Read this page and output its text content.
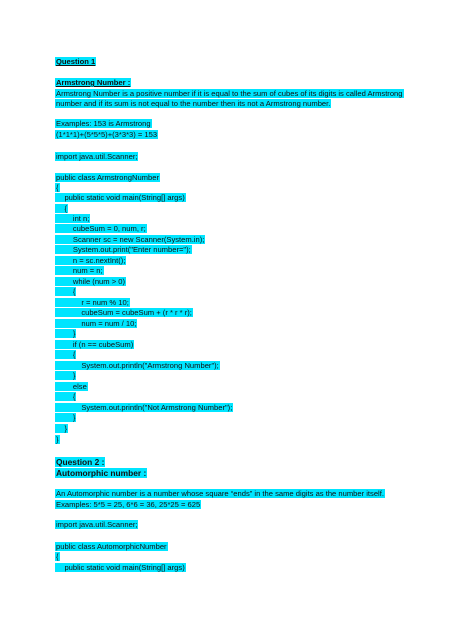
Question 1
Armstrong Number :
Armstrong Number is a positive number if it is equal to the sum of cubes of its digits is called Armstrong
number and if its sum is not equal to the number then its not a Armstrong number.
Examples: 153 is Armstrong
(1*1*1)+(5*5*5)+(3*3*3) = 153
import java.util.Scanner;
public class ArmstrongNumber
{
public static void main(String[] args)
{
int n;
cubeSum = 0, num, r;
Scanner sc = new Scanner(System.in);
System.out.print("Enter number=");
n = sc.nextInt();
num = n;
while (num > 0)
{
r = num % 10;
cubeSum = cubeSum + (r * r * r);
num = num / 10;
}
if (n == cubeSum)
{
System.out.println("Armstrong Number");
}
else
{
System.out.println("Not Armstrong Number");
}
}
}
Question 2 :
Automorphic number :
An Automorphic number is a number whose square “ends” in the same digits as the number itself.
Examples: 5*5 = 25, 6*6 = 36, 25*25 = 625
import java.util.Scanner;
public class AutomorphicNumber
{
public static void main(String[] args)
